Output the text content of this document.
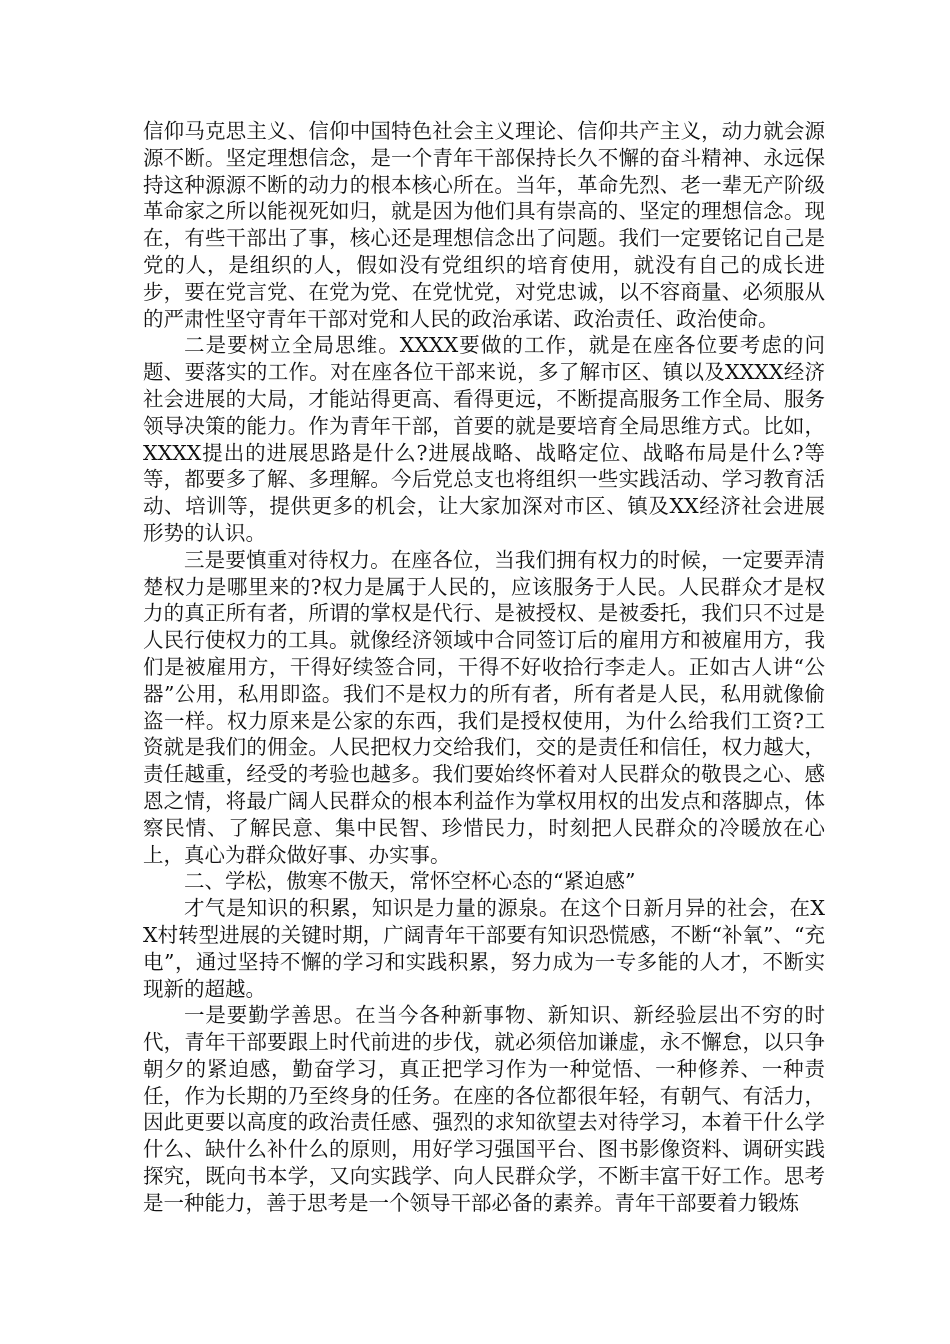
信仰马克思主义、信仰中国特色社会主义理论、信仰共产主义，动力就会源源不断。坚定理想信念，是一个青年干部保持长久不懈的奋斗精神、永远保持这种源源不断的动力的根本核心所在。当年，革命先烈、老一辈无产阶级革命家之所以能视死如归，就是因为他们具有崇高的、坚定的理想信念。现在，有些干部出了事，核心还是理想信念出了问题。我们一定要铭记自己是党的人，是组织的人，假如没有党组织的培育使用，就没有自己的成长进步，要在党言党、在党为党、在党忧党，对党忠诚，以不容商量、必须服从的严肃性坚守青年干部对党和人民的政治承诺、政治责任、政治使命。

二是要树立全局思维。XXXX要做的工作，就是在座各位要考虑的问题、要落实的工作。对在座各位干部来说，多了解市区、镇以及XXXX经济社会进展的大局，才能站得更高、看得更远，不断提高服务工作全局、服务领导决策的能力。作为青年干部，首要的就是要培育全局思维方式。比如，XXXX提出的进展思路是什么?进展战略、战略定位、战略布局是什么?等等，都要多了解、多理解。今后党总支也将组织一些实践活动、学习教育活动、培训等，提供更多的机会，让大家加深对市区、镇及XX经济社会进展形势的认识。

三是要慎重对待权力。在座各位，当我们拥有权力的时候，一定要弄清楚权力是哪里来的?权力是属于人民的，应该服务于人民。人民群众才是权力的真正所有者，所谓的掌权是代行、是被授权、是被委托，我们只不过是人民行使权力的工具。就像经济领域中合同签订后的雇用方和被雇用方，我们是被雇用方，干得好续签合同，干得不好收拾行李走人。正如古人讲“公器”公用，私用即盗。我们不是权力的所有者，所有者是人民，私用就像偷盗一样。权力原来是公家的东西，我们是授权使用，为什么给我们工资?工资就是我们的佣金。人民把权力交给我们，交的是责任和信任，权力越大，责任越重，经受的考验也越多。我们要始终怀着对人民群众的敬畏之心、感恩之情，将最广阔人民群众的根本利益作为掌权用权的出发点和落脚点，体察民情、了解民意、集中民智、珍惜民力，时刻把人民群众的冷暖放在心上，真心为群众做好事、办实事。

二、学松，傲寒不傲天，常怀空杯心态的“紧迫感”

才气是知识的积累，知识是力量的源泉。在这个日新月异的社会，在XX村转型进展的关键时期，广阔青年干部要有知识恐慌感，不断“补氧”、“充电”，通过坚持不懈的学习和实践积累，努力成为一专多能的人才，不断实现新的超越。

一是要勤学善思。在当今各种新事物、新知识、新经验层出不穷的时代，青年干部要跟上时代前进的步伐，就必须倍加谦虚，永不懈怠，以只争朝夕的紧迫感，勤奋学习，真正把学习作为一种觉悟、一种修养、一种责任，作为长期的乃至终身的任务。在座的各位都很年轻，有朝气、有活力，因此更要以高度的政治责任感、强烈的求知欲望去对待学习，本着干什么学什么、缺什么补什么的原则，用好学习强国平台、图书影像资料、调研实践探究，既向书本学，又向实践学、向人民群众学，不断丰富干好工作。思考是一种能力，善于思考是一个领导干部必备的素养。青年干部要着力锻炼
